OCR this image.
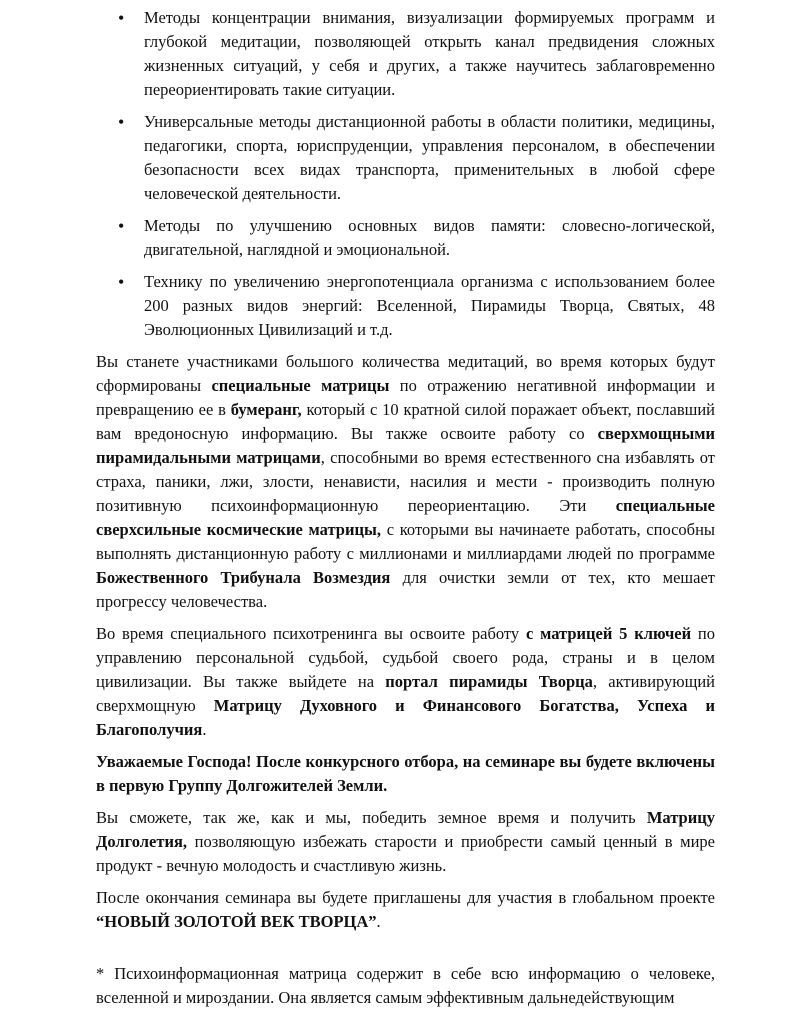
• Методы концентрации внимания, визуализации формируемых программ и глубокой медитации, позволяющей открыть канал предвидения сложных жизненных ситуаций, у себя и других, а также научитесь заблаговременно переориентировать такие ситуации.
• Универсальные методы дистанционной работы в области политики, медицины, педагогики, спорта, юриспруденции, управления персоналом, в обеспечении безопасности всех видах транспорта, применительных в любой сфере человеческой деятельности.
• Методы по улучшению основных видов памяти: словесно-логической, двигательной, наглядной и эмоциональной.
• Технику по увеличению энергопотенциала организма с использованием более 200 разных видов энергий: Вселенной, Пирамиды Творца, Святых, 48 Эволюционных Цивилизаций и т.д.

Вы станете участниками большого количества медитаций, во время которых будут сформированы специальные матрицы по отражению негативной информации и превращению ее в бумеранг, который с 10 кратной силой поражает объект, пославший вам вредоносную информацию. Вы также освоите работу со сверхмощными пирамидальными матрицами, способными во время естественного сна избавлять от страха, паники, лжи, злости, ненависти, насилия и мести - производить полную позитивную психоинформационную переориентацию. Эти специальные сверхсильные космические матрицы, с которыми вы начинаете работать, способны выполнять дистанционную работу с миллионами и миллиардами людей по программе Божественного Трибунала Возмездия для очистки земли от тех, кто мешает прогрессу человечества.

Во время специального психотренинга вы освоите работу с матрицей 5 ключей по управлению персональной судьбой, судьбой своего рода, страны и в целом цивилизации. Вы также выйдете на портал пирамиды Творца, активирующий сверхмощную Матрицу Духовного и Финансового Богатства, Успеха и Благополучия.

Уважаемые Господа! После конкурсного отбора, на семинаре вы будете включены в первую Группу Долгожителей Земли.

Вы сможете, так же, как и мы, победить земное время и получить Матрицу Долголетия, позволяющую избежать старости и приобрести самый ценный в мире продукт - вечную молодость и счастливую жизнь.

После окончания семинара вы будете приглашены для участия в глобальном проекте “НОВЫЙ ЗОЛОТОЙ ВЕК ТВОРЦА”.

* Психоинформационная матрица содержит в себе всю информацию о человеке, вселенной и мироздании. Она является самым эффективным дальнедействующим
